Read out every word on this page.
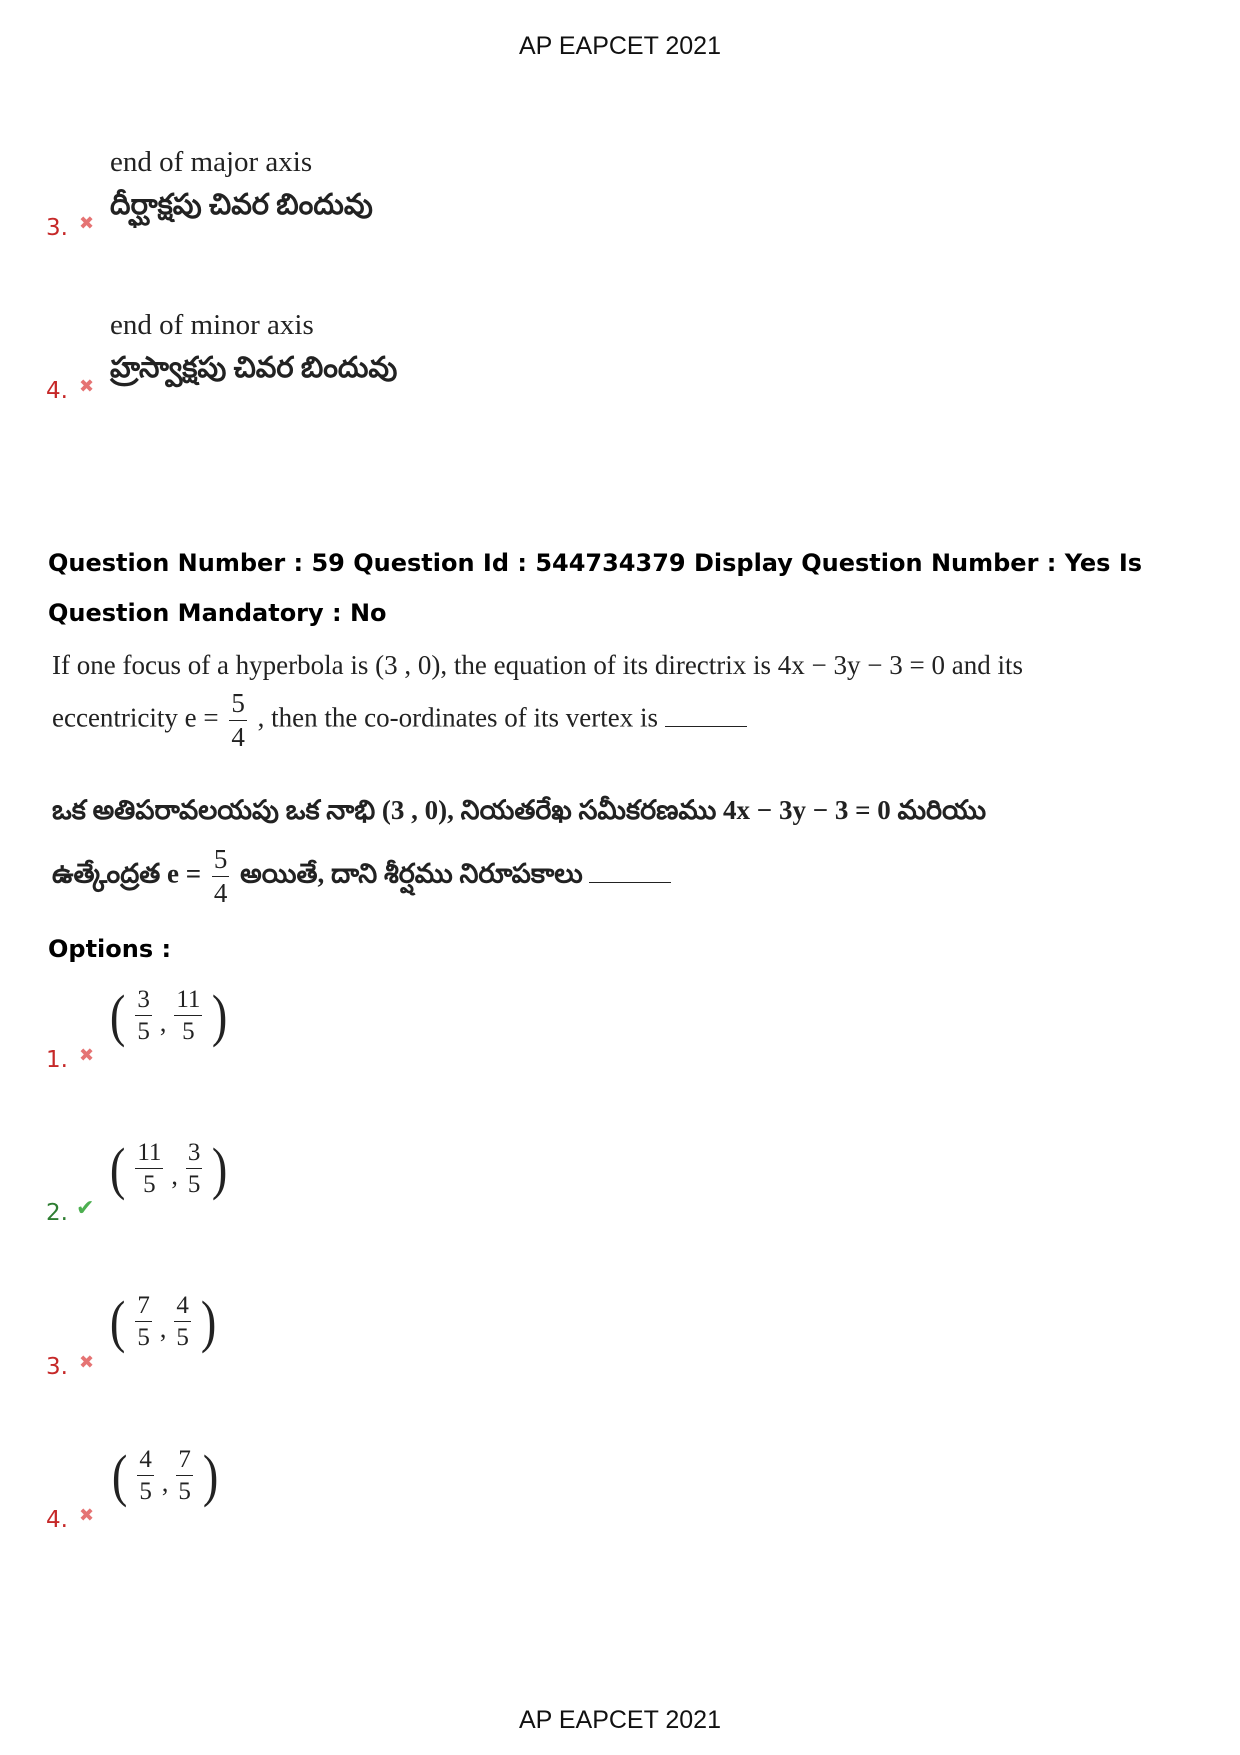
AP EAPCET 2021
3. ✖
end of major axis
దీర్ఘాక్షపు చివర బిందువు
4. ✖
end of minor axis
హ్రస్వాక్షపు చివర బిందువు
Question Number : 59 Question Id : 544734379 Display Question Number : Yes Is Question Mandatory : No
If one focus of a hyperbola is (3 , 0), the equation of its directrix is 4x − 3y − 3 = 0 and its
eccentricity $e = \frac{5}{4}$ , then the co-ordinates of its vertex is
ఒక అతిపరావలయపు ఒక నాభి (3 , 0), నియతరేఖ సమీకరణము 4x − 3y − 3 = 0 మరియు
ఉత్కేంద్రత $e = \frac{5}{4}$ అయితే, దాని శీర్షము నిరూపకాలు
Options :
1. ✖
( $\frac{3}{5}$ , $\frac{11}{5}$ )
2. ✔
( $\frac{11}{5}$ , $\frac{3}{5}$ )
3. ✖
( $\frac{7}{5}$ , $\frac{4}{5}$ )
4. ✖
( $\frac{4}{5}$ , $\frac{7}{5}$ )
AP EAPCET 2021
